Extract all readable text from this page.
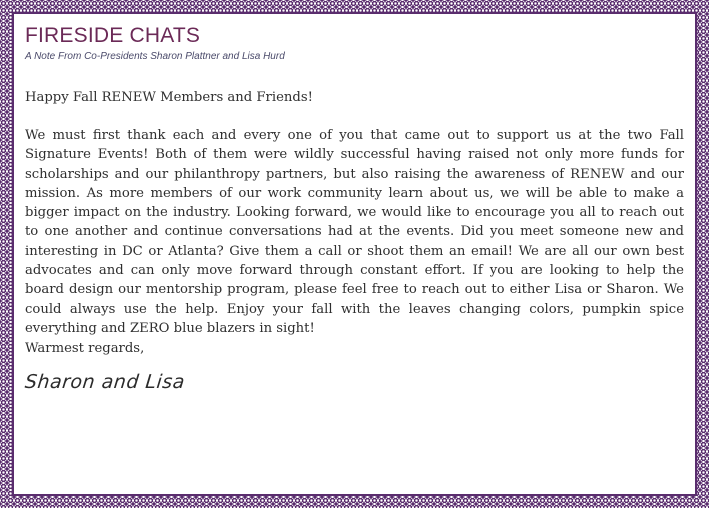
FIRESIDE CHATS
A Note From Co-Presidents Sharon Plattner and Lisa Hurd
Happy Fall RENEW Members and Friends!
We must first thank each and every one of you that came out to support us at the two Fall Signature Events! Both of them were wildly successful having raised not only more funds for scholarships and our philanthropy partners, but also raising the awareness of RENEW and our mission. As more members of our work community learn about us, we will be able to make a bigger impact on the industry. Looking forward, we would like to encourage you all to reach out to one another and continue conversations had at the events. Did you meet someone new and interesting in DC or Atlanta? Give them a call or shoot them an email! We are all our own best advocates and can only move forward through constant effort. If you are looking to help the board design our mentorship program, please feel free to reach out to either Lisa or Sharon. We could always use the help. Enjoy your fall with the leaves changing colors, pumpkin spice everything and ZERO blue blazers in sight!
Warmest regards,
Sharon and Lisa
